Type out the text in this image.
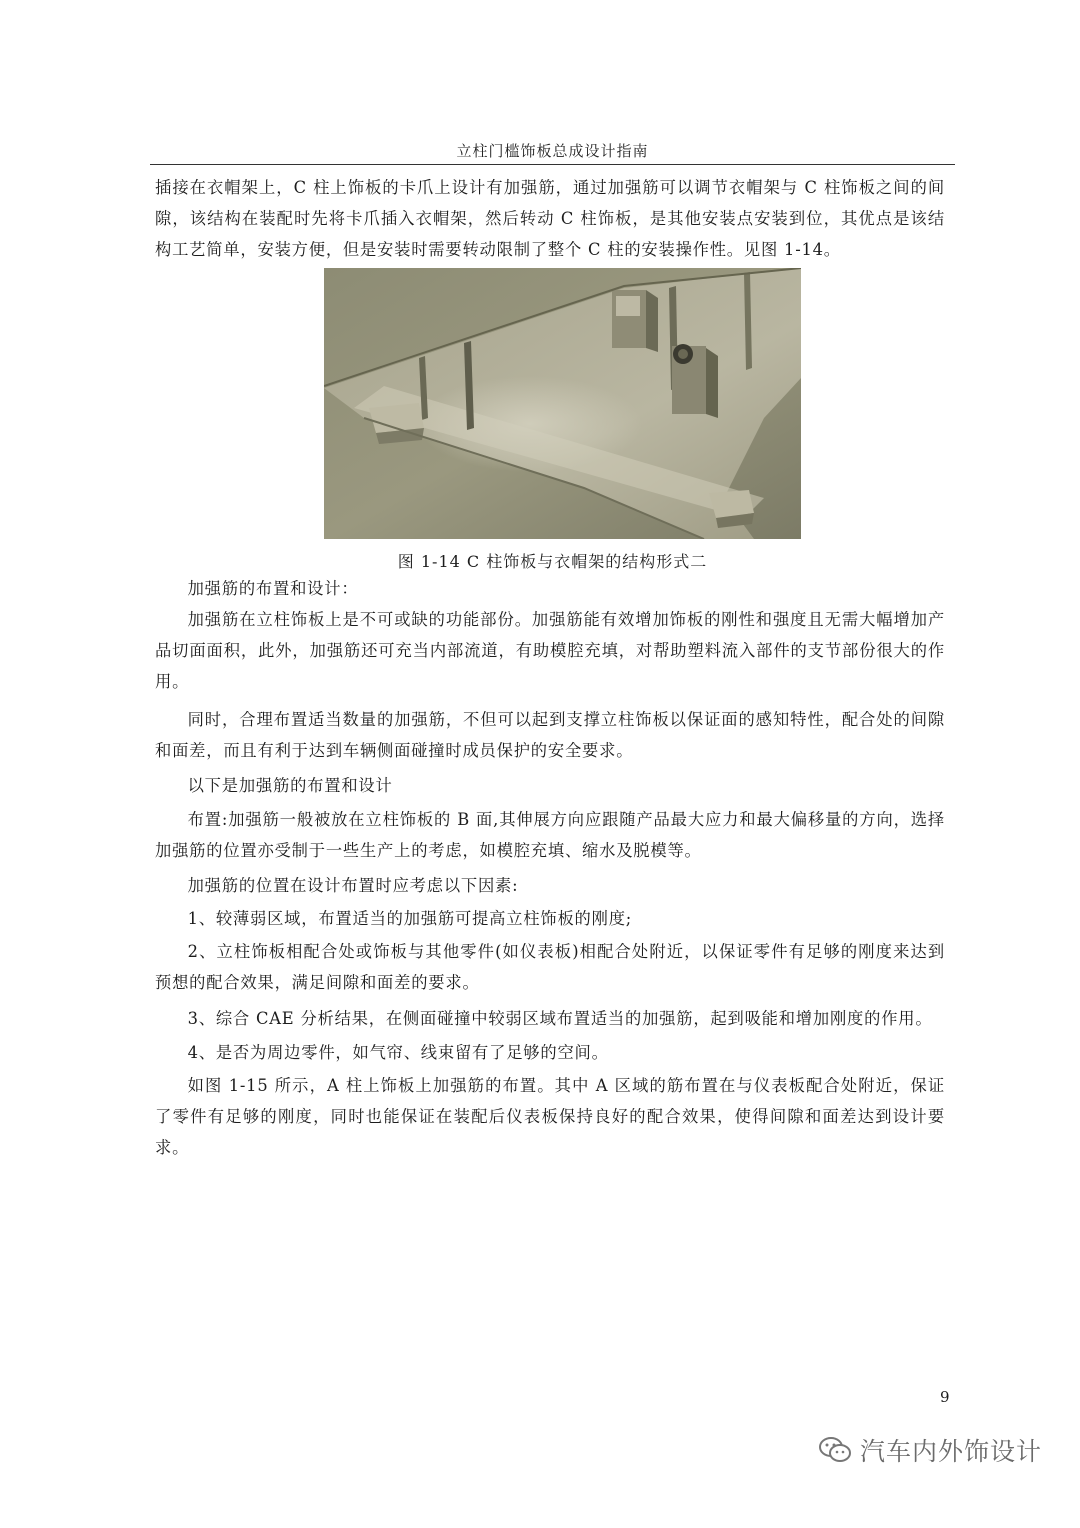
立柱门槛饰板总成设计指南

插接在衣帽架上，C 柱上饰板的卡爪上设计有加强筋，通过加强筋可以调节衣帽架与 C 柱饰板之间的间隙，该结构在装配时先将卡爪插入衣帽架，然后转动 C 柱饰板，是其他安装点安装到位，其优点是该结构工艺简单，安装方便，但是安装时需要转动限制了整个 C 柱的安装操作性。见图 1-14。

图 1-14 C 柱饰板与衣帽架的结构形式二

加强筋的布置和设计：

加强筋在立柱饰板上是不可或缺的功能部份。加强筋能有效增加饰板的刚性和强度且无需大幅增加产品切面面积，此外，加强筋还可充当内部流道，有助模腔充填，对帮助塑料流入部件的支节部份很大的作用。

同时，合理布置适当数量的加强筋，不但可以起到支撑立柱饰板以保证面的感知特性，配合处的间隙和面差，而且有利于达到车辆侧面碰撞时成员保护的安全要求。

以下是加强筋的布置和设计

布置:加强筋一般被放在立柱饰板的 B 面,其伸展方向应跟随产品最大应力和最大偏移量的方向，选择加强筋的位置亦受制于一些生产上的考虑，如模腔充填、缩水及脱模等。

加强筋的位置在设计布置时应考虑以下因素:

1、较薄弱区域，布置适当的加强筋可提高立柱饰板的刚度;

2、立柱饰板相配合处或饰板与其他零件(如仪表板)相配合处附近，以保证零件有足够的刚度来达到预想的配合效果，满足间隙和面差的要求。

3、综合 CAE 分析结果，在侧面碰撞中较弱区域布置适当的加强筋，起到吸能和增加刚度的作用。

4、是否为周边零件，如气帘、线束留有了足够的空间。

如图 1-15 所示，A 柱上饰板上加强筋的布置。其中 A 区域的筋布置在与仪表板配合处附近，保证了零件有足够的刚度，同时也能保证在装配后仪表板保持良好的配合效果，使得间隙和面差达到设计要求。

9
汽车内外饰设计
